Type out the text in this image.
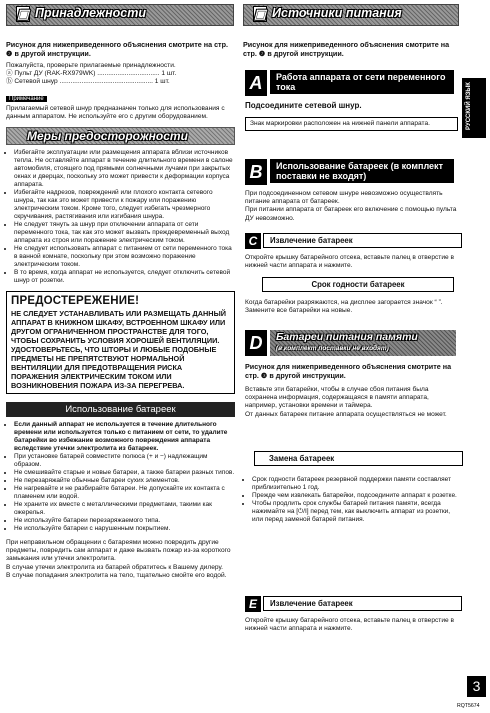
▣ Принадлежности

Рисунок для нижеприведенного объяснения смотрите на стр. ❷ в другой инструкции.

Пожалуйста, проверьте прилагаемые принадлежности.

ⓐ Пульт ДУ (RAK-RX979WK) .................................. 1 шт.

ⓑ Сетевой шнур ................................................... 1 шт.

Примечание

Прилагаемый сетевой шнур предназначен только для использования с данным аппаратом. Не используйте его с другим оборудованием.

Меры предосторожности
• Избегайте эксплуатации или размещения аппарата вблизи источников тепла. Не оставляйте аппарат в течение длительного времени в салоне автомобиля, стоящего под прямыми солнечными лучами при закрытых окнах и дверцах, поскольку это может привести к деформации корпуса аппарата.
• Избегайте надрезов, повреждений или плохого контакта сетевого шнура, так как это может привести к пожару или поражению электрическим током. Кроме того, следует избегать чрезмерного скручивания, растягивания или изгибания шнура.
• Не следует тянуть за шнур при отключении аппарата от сети переменного тока, так как это может вызвать преждевременный выход аппарата из строя или поражение электрическим током.
• Не следует использовать аппарат с питанием от сети переменного тока в ванной комнате, поскольку при этом возможно поражение электрическим током.
• В то время, когда аппарат не используется, следует отключить сетевой шнур от розетки.
ПРЕДОСТЕРЕЖЕНИЕ!

НЕ СЛЕДУЕТ УСТАНАВЛИВАТЬ ИЛИ РАЗМЕЩАТЬ ДАННЫЙ АППАРАТ В КНИЖНОМ ШКАФУ, ВСТРОЕННОМ ШКАФУ ИЛИ ДРУГОМ ОГРАНИЧЕННОМ ПРОСТРАНСТВЕ ДЛЯ ТОГО, ЧТОБЫ СОХРАНИТЬ УСЛОВИЯ ХОРОШЕЙ ВЕНТИЛЯЦИИ. УДОСТОВЕРЬТЕСЬ, ЧТО ШТОРЫ И ЛЮБЫЕ ПОДОБНЫЕ ПРЕДМЕТЫ НЕ ПРЕПЯТСТВУЮТ НОРМАЛЬНОЙ ВЕНТИЛЯЦИИ ДЛЯ ПРЕДОТВРАЩЕНИЯ РИСКА ПОРАЖЕНИЯ ЭЛЕКТРИЧЕСКИМ ТОКОМ ИЛИ ВОЗНИКНОВЕНИЯ ПОЖАРА ИЗ-ЗА ПЕРЕГРЕВА.

Использование батареек
• Если данный аппарат не используется в течение длительного времени или используется только с питанием от сети, то удалите батарейки во избежание возможного повреждения аппарата вследствие утечки электролита из батареек.
• При установке батарей совместите полюса (+ и −) надлежащим образом.
• Не смешивайте старые и новые батареи, а также батареи разных типов.
• Не перезаряжайте обычные батареи сухих элементов.
• Не нагревайте и не разбирайте батареи. Не допускайте их контакта с пламенем или водой.
• Не храните их вместе с металлическими предметами, такими как ожерелья.
• Не используйте батареи перезаряжаемого типа.
• Не используйте батареи с нарушенным покрытием.

При неправильном обращении с батареями можно повредить другие предметы, повредить сам аппарат и даже вызвать пожар из-за короткого замыкания или утечки электролита.
В случае утечки электролита из батарей обратитесь к Вашему дилеру.
В случае попадания электролита на тело, тщательно смойте его водой.

▣ Источники питания

Рисунок для нижеприведенного объяснения смотрите на стр. ❷ в другой инструкции.

A	Работа аппарата от сети переменного тока

Подсоедините сетевой шнур.

Знак маркировки расположен на нижней панели аппарата.
B	Использование батареек (в комплект поставки не входят)

При подсоединенном сетевом шнуре невозможно осуществлять питание аппарата от батареек.
При питании аппарата от батареек его включение с помощью пульта ДУ невозможно.

C	Извлечение батареек

Откройте крышку батарейного отсека, вставьте палец в отверстие в нижней части аппарата и нажмите.

Срок годности батареек

Когда батарейки разряжаются, на дисплее загорается значок “ ”. Замените все батарейки на новые.

D	Батареи питания памяти
(в комплект поставки не входят)

Рисунок для нижеприведенного объяснения смотрите на стр. ❸ в другой инструкции.

Вставьте эти батарейки, чтобы в случае сбоя питания была сохранена информация, содержащаяся в памяти аппарата, например, установки времени и таймера.
От данных батареек питание аппарата осуществляться не может.

Замена батареек
• Срок годности батареек резервной поддержки памяти составляет приблизительно 1 год.
• Прежде чем извлекать батарейки, подсоедините аппарат к розетке.
• Чтобы продлить срок службы батарей питания памяти, всегда нажимайте на [⏻/I] перед тем, как выключить аппарат из розетки, или перед заменой батарей питания.
E	Извлечение батареек

Откройте крышку батарейного отсека, вставьте палец в отверстие в нижней части аппарата и нажмите.

РУССКИЙ ЯЗЫК
3
RQT5674
